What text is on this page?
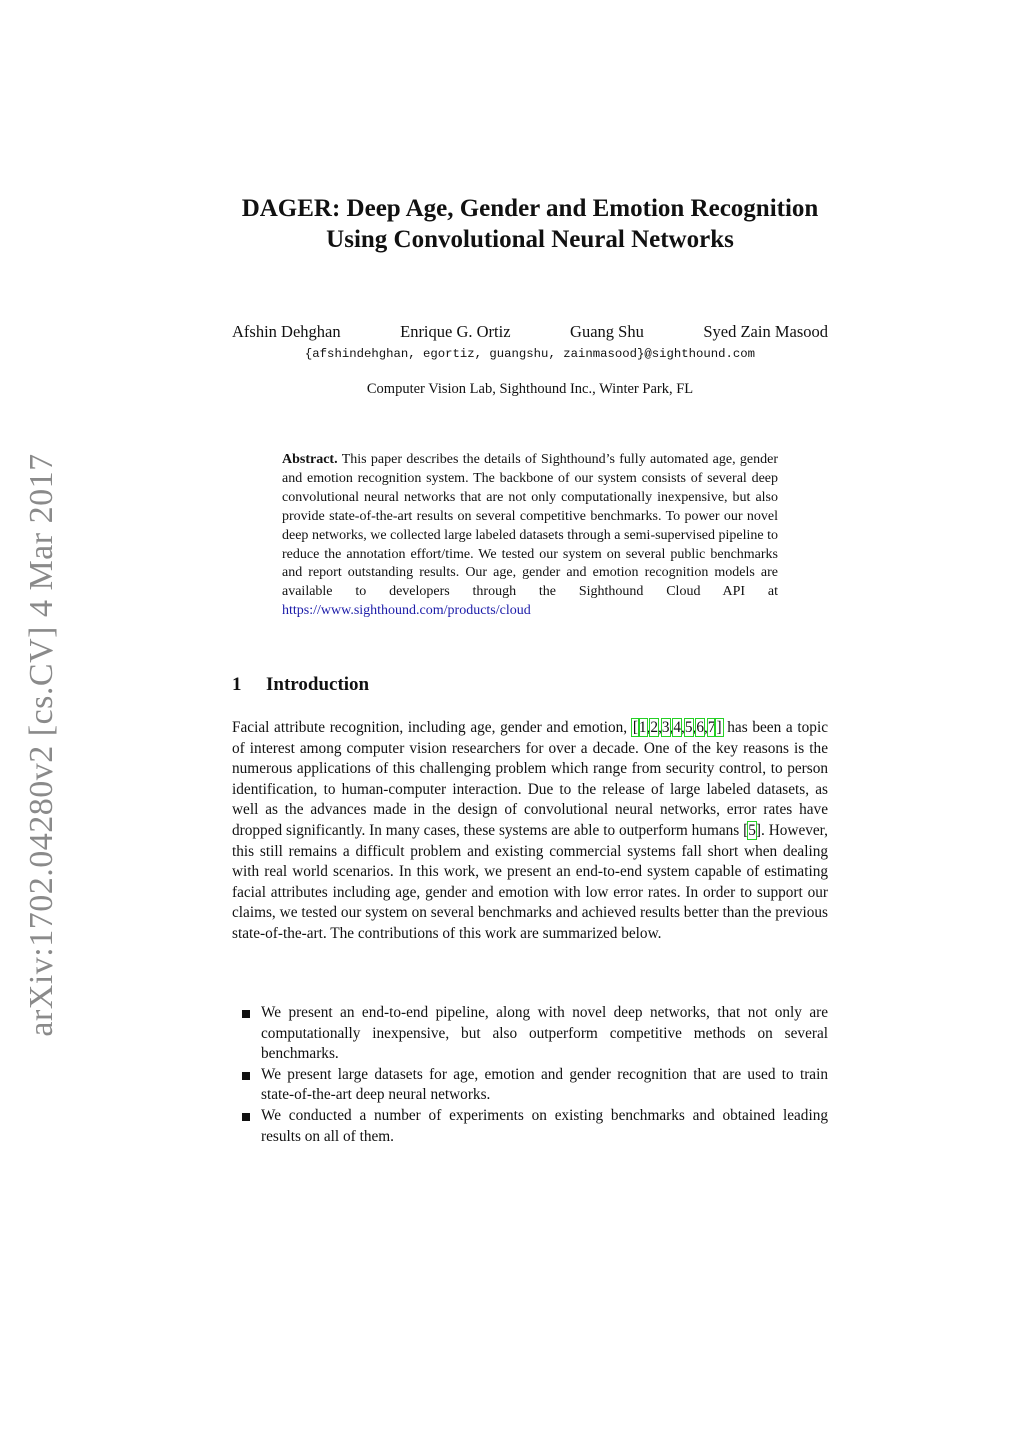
arXiv:1702.04280v2 [cs.CV] 4 Mar 2017
DAGER: Deep Age, Gender and Emotion Recognition Using Convolutional Neural Networks
Afshin Dehghan	Enrique G. Ortiz	Guang Shu	Syed Zain Masood
{afshindehghan, egortiz, guangshu, zainmasood}@sighthound.com
Computer Vision Lab, Sighthound Inc., Winter Park, FL

Abstract. This paper describes the details of Sighthound’s fully automated age, gender and emotion recognition system. The backbone of our system consists of several deep convolutional neural networks that are not only computationally inexpensive, but also provide state-of-the-art results on several competitive benchmarks. To power our novel deep networks, we collected large labeled datasets through a semi-supervised pipeline to reduce the annotation effort/time. We tested our system on several public benchmarks and report outstanding results. Our age, gender and emotion recognition models are available to developers through the Sighthound Cloud API at https://www.sighthound.com/products/cloud

1 Introduction

Facial attribute recognition, including age, gender and emotion, [1,2,3,4,5,6,7] has been a topic of interest among computer vision researchers for over a decade. One of the key reasons is the numerous applications of this challenging problem which range from security control, to person identification, to human-computer interaction. Due to the release of large labeled datasets, as well as the advances made in the design of convolutional neural networks, error rates have dropped significantly. In many cases, these systems are able to outperform humans [5]. However, this still remains a difficult problem and existing commercial systems fall short when dealing with real world scenarios. In this work, we present an end-to-end system capable of estimating facial attributes including age, gender and emotion with low error rates. In order to support our claims, we tested our system on several benchmarks and achieved results better than the previous state-of-the-art. The contributions of this work are summarized below.

We present an end-to-end pipeline, along with novel deep networks, that not only are computationally inexpensive, but also outperform competitive methods on several benchmarks.
We present large datasets for age, emotion and gender recognition that are used to train state-of-the-art deep neural networks.
We conducted a number of experiments on existing benchmarks and obtained leading results on all of them.
